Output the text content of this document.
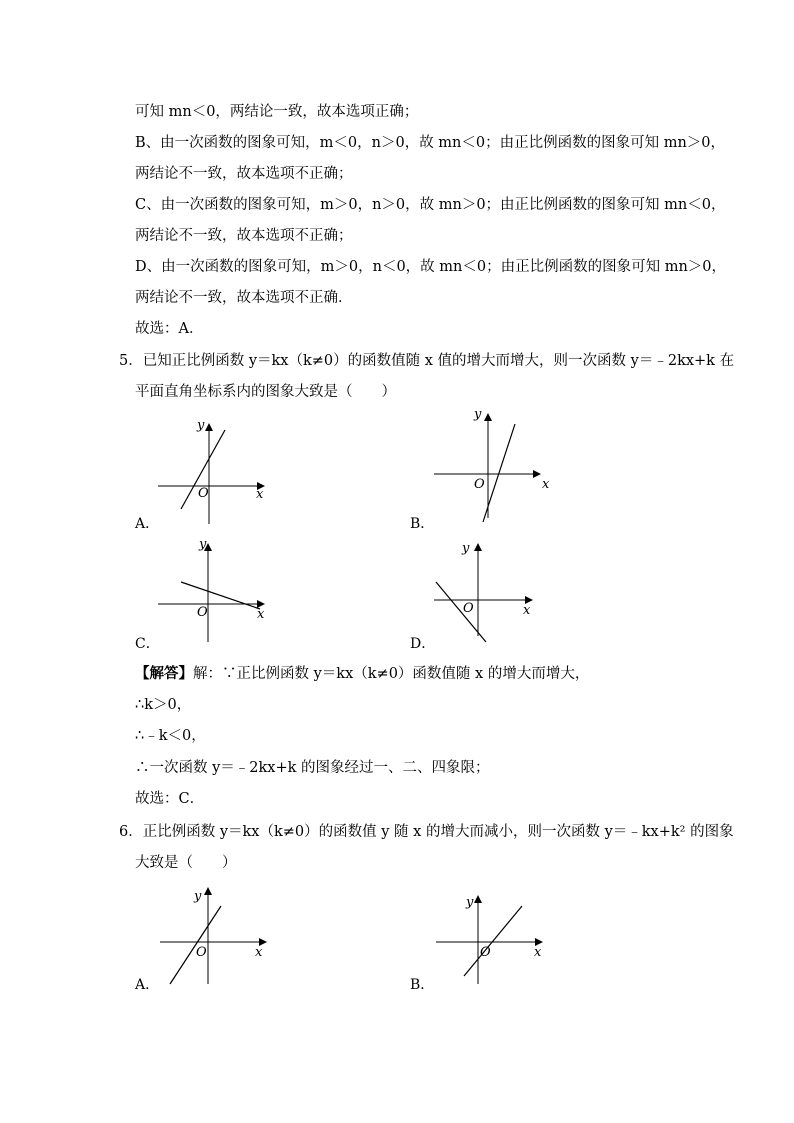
可知 mn＜0，两结论一致，故本选项正确；
B、由一次函数的图象可知，m＜0，n＞0，故 mn＜0；由正比例函数的图象可知 mn＞0，
两结论不一致，故本选项不正确；
C、由一次函数的图象可知，m＞0，n＞0，故 mn＞0；由正比例函数的图象可知 mn＜0，
两结论不一致，故本选项不正确；
D、由一次函数的图象可知，m＞0，n＜0，故 mn＜0；由正比例函数的图象可知 mn＞0，
两结论不一致，故本选项不正确．
故选：A．
5．已知正比例函数 y＝kx（k≠0）的函数值随 x 值的增大而增大，则一次函数 y＝﹣2kx+k 在
平面直角坐标系内的图象大致是（　　）
O	x
y
A．
O	x
y
B．
O	x
y
C．
O	x
y
D．
【解答】解：∵正比例函数 y＝kx（k≠0）函数值随 x 的增大而增大，
∴k＞0，
∴﹣k＜0，
∴一次函数 y＝﹣2kx+k 的图象经过一、二、四象限；
故选：C．
6．正比例函数 y＝kx（k≠0）的函数值 y 随 x 的增大而减小，则一次函数 y＝﹣kx+k² 的图象
大致是（　　）
O	x
y
A．
O	x
y
B．
